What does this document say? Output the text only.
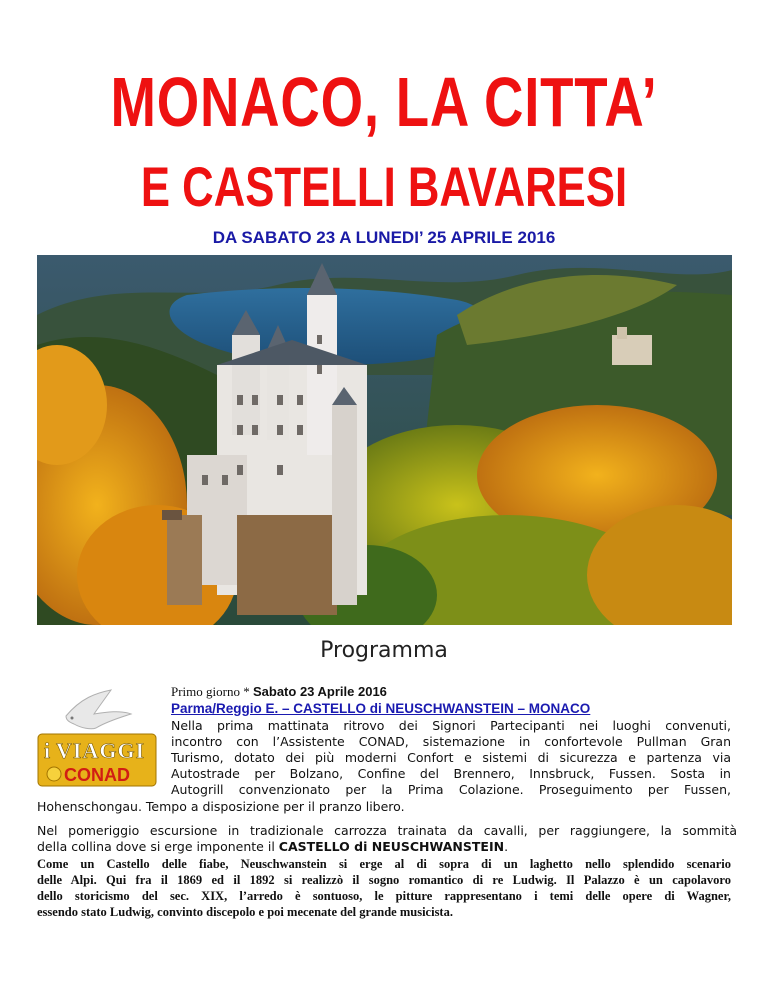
MONACO, LA CITTA’
E CASTELLI BAVARESI
DA SABATO 23 A LUNEDI’ 25 APRILE 2016
Programma
i VIAGGI
CONAD
Primo giorno * Sabato 23 Aprile 2016
Parma/Reggio E. – CASTELLO di NEUSCHWANSTEIN – MONACO
Nella prima mattinata ritrovo dei Signori Partecipanti nei luoghi convenuti,
incontro con l’Assistente CONAD, sistemazione in confortevole Pullman Gran
Turismo, dotato dei più moderni Confort e sistemi di sicurezza e partenza via
Autostrade per Bolzano, Confine del Brennero, Innsbruck, Fussen. Sosta in
Autogrill convenzionato per la Prima Colazione. Proseguimento per Fussen,
Hohenschongau. Tempo a disposizione per il pranzo libero.
Nel pomeriggio escursione in tradizionale carrozza trainata da cavalli, per raggiungere, la sommità
della collina dove si erge imponente il CASTELLO di NEUSCHWANSTEIN.
Come un Castello delle fiabe, Neuschwanstein si erge al di sopra di un laghetto nello splendido scenario
delle Alpi. Qui fra il 1869 ed il 1892 si realizzò il sogno romantico di re Ludwig. Il Palazzo è un capolavoro
dello storicismo del sec. XIX, l’arredo è sontuoso, le pitture rappresentano i temi delle opere di Wagner,
essendo stato Ludwig, convinto discepolo e poi mecenate del grande musicista.
